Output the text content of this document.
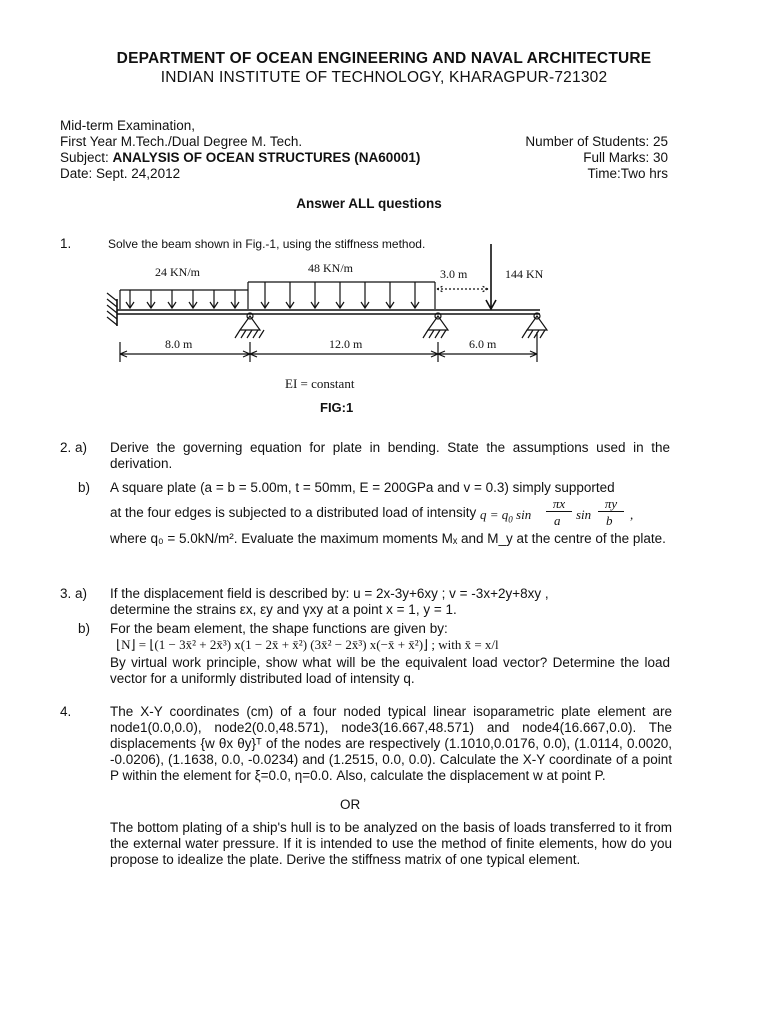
DEPARTMENT OF OCEAN ENGINEERING AND NAVAL ARCHITECTURE
INDIAN INSTITUTE OF TECHNOLOGY, KHARAGPUR-721302
Mid-term Examination,
First Year M.Tech./Dual Degree M. Tech.
Subject: ANALYSIS OF OCEAN STRUCTURES (NA60001)
Date: Sept. 24,2012
Number of Students: 25
Full Marks: 30
Time:Two hrs
Answer ALL questions
1.	Solve the beam shown in Fig.-1, using the stiffness method.
24 KN/m	48 KN/m	3.0 m	144 KN
8.0 m	12.0 m	6.0 m
EI = constant
FIG:1
2. a) Derive the governing equation for plate in bending. State the assumptions used in the derivation.
b) A square plate (a = b = 5.00m, t = 50mm, E = 200GPa and v = 0.3) simply supported
at the four edges is subjected to a distributed load of intensity $q = q_0$ sin
πx
a sin
πy
b ,
where q₀ = 5.0kN/m². Evaluate the maximum moments Mₓ and M_y at the centre of the plate.
3. a) If the displacement field is described by: u = 2x-3y+6xy ; v = -3x+2y+8xy ,
determine the strains εx, εy and γxy at a point x = 1, y = 1.
b) For the beam element, the shape functions are given by:
⌊N⌋ = ⌊(1 − 3x̄² + 2x̄³) x(1 − 2x̄ + x̄²) (3x̄² − 2x̄³) x(−x̄ + x̄²)⌋ ; with x̄ = x/l
By virtual work principle, show what will be the equivalent load vector? Determine the load vector for a uniformly distributed load of intensity q.
4.	The X-Y coordinates (cm) of a four noded typical linear isoparametric plate element are node1(0.0,0.0), node2(0.0,48.571), node3(16.667,48.571) and node4(16.667,0.0). The displacements {w θx θy}ᵀ of the nodes are respectively (1.1010,0.0176, 0.0), (1.0114, 0.0020, -0.0206), (1.1638, 0.0, -0.0234) and (1.2515, 0.0, 0.0). Calculate the X-Y coordinate of a point P within the element for ξ=0.0, η=0.0. Also, calculate the displacement w at point P.
OR
The bottom plating of a ship's hull is to be analyzed on the basis of loads transferred to it from the external water pressure. If it is intended to use the method of finite elements, how do you propose to idealize the plate. Derive the stiffness matrix of one typical element.
